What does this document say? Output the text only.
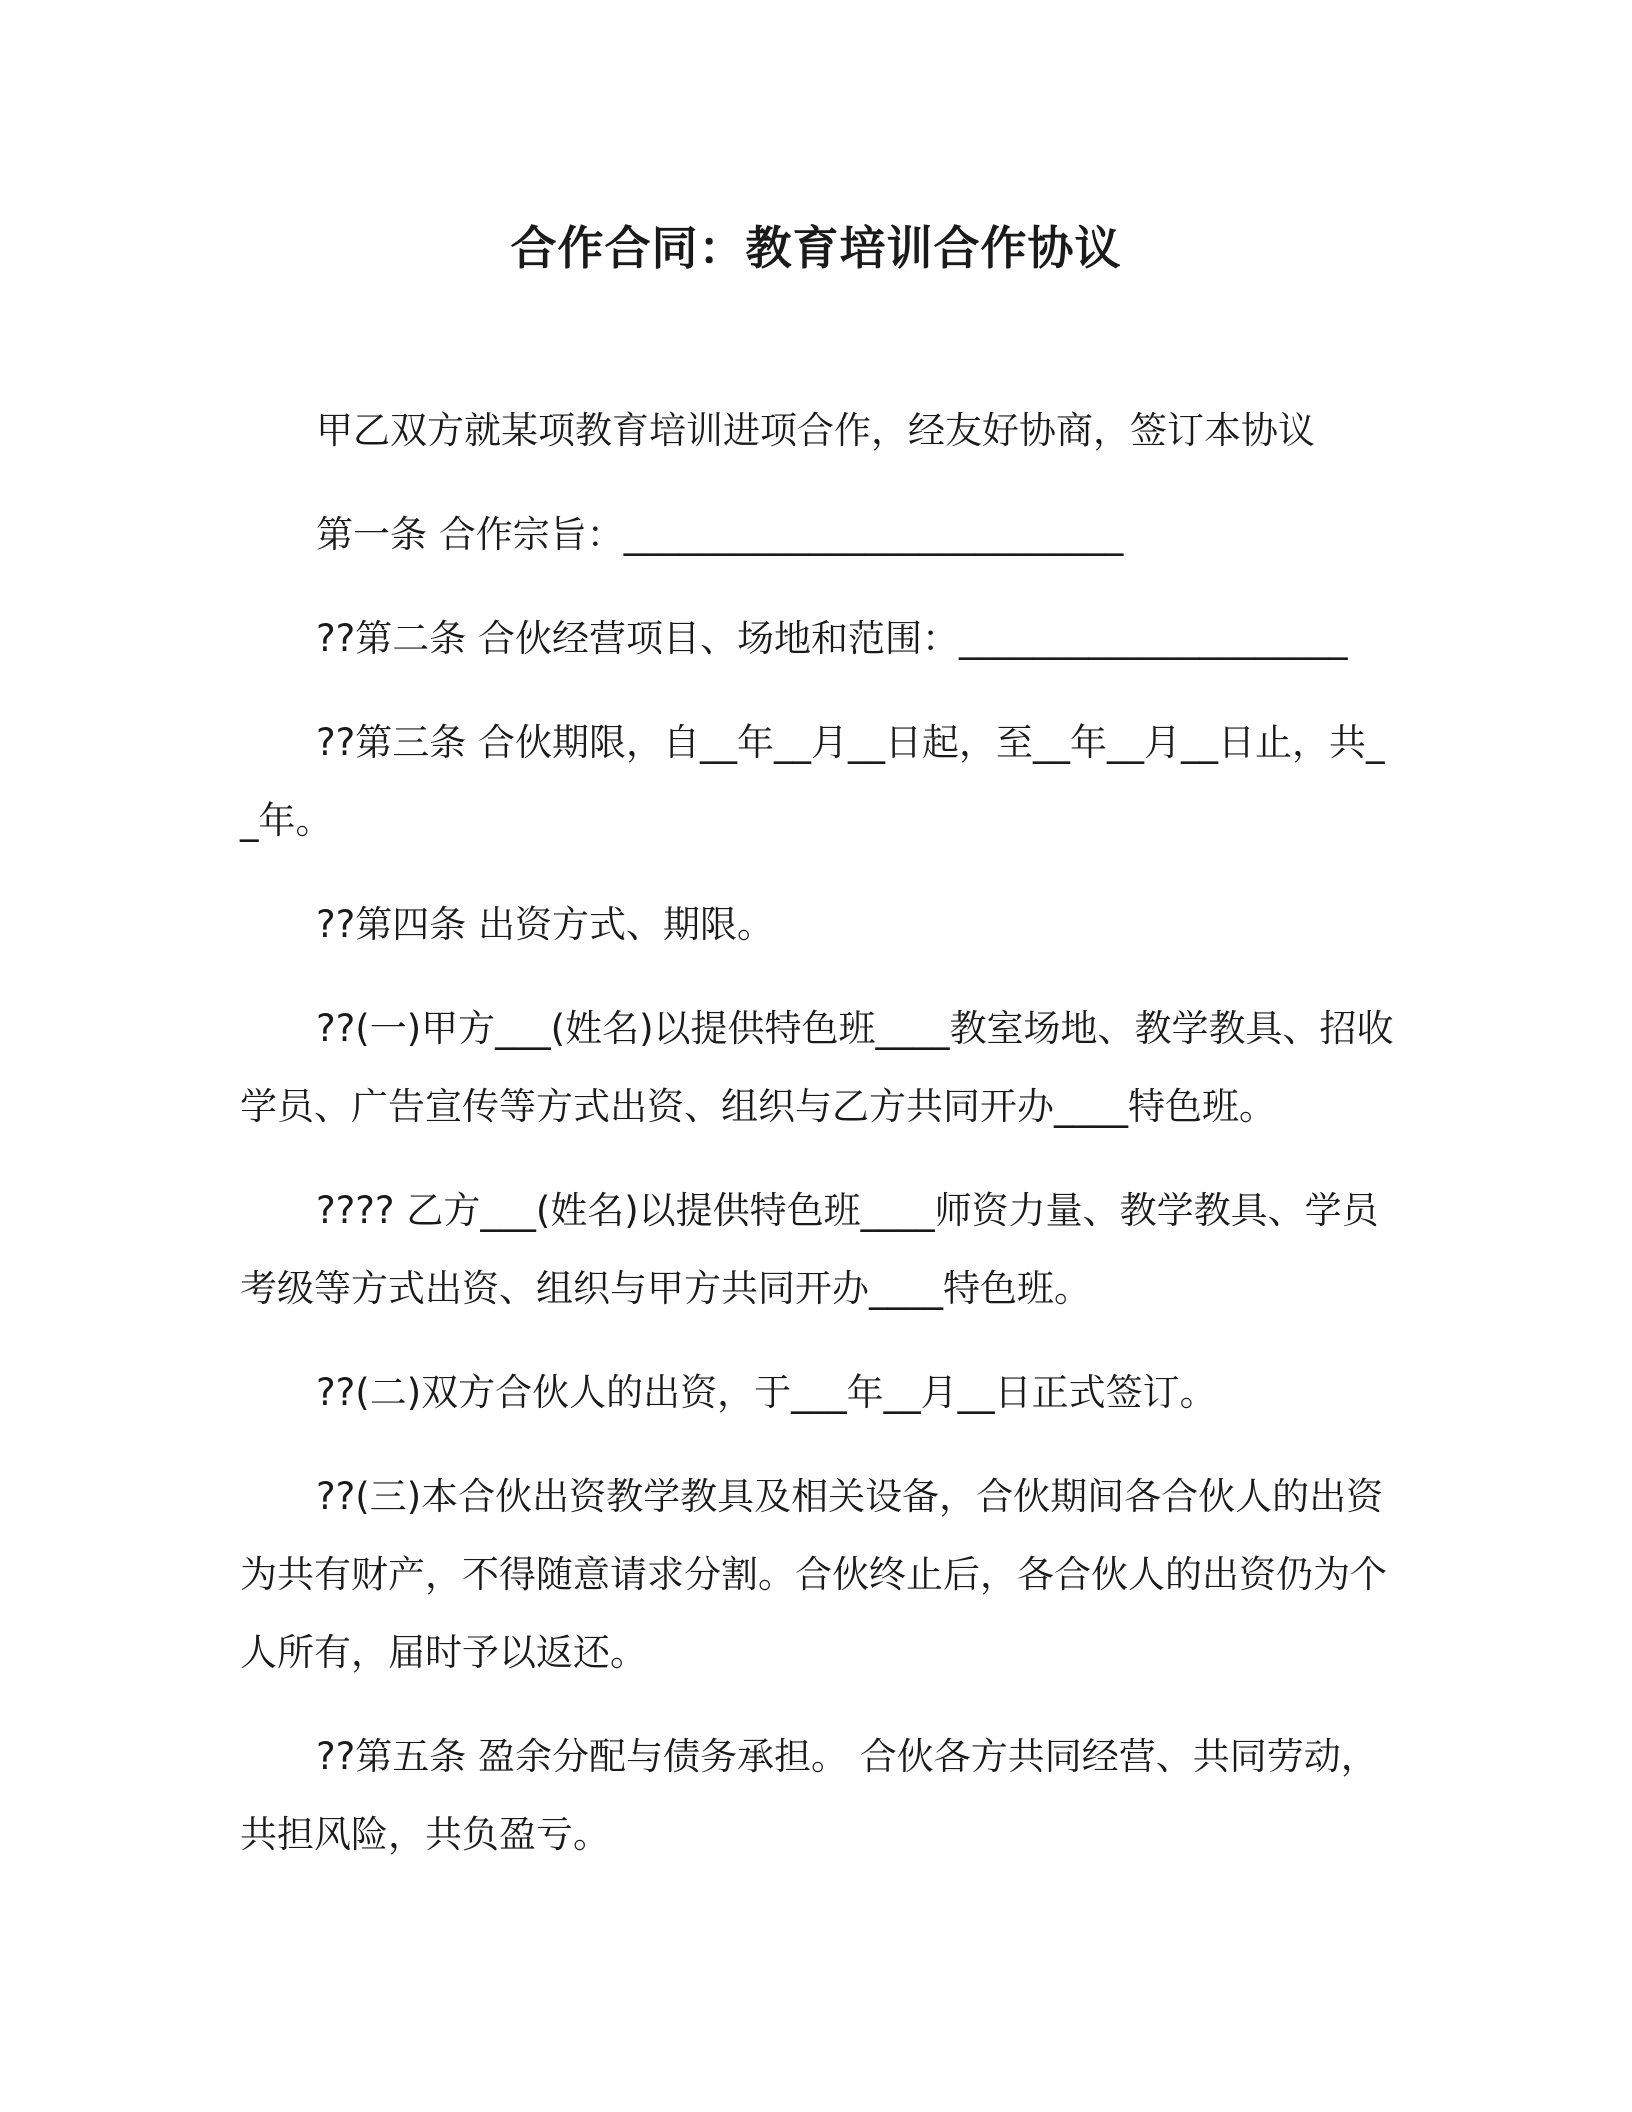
合作合同：教育培训合作协议

甲乙双方就某项教育培训进项合作，经友好协商，签订本协议

第一条 合作宗旨：___________________________

??第二条 合伙经营项目、场地和范围：_____________________

??第三条 合伙期限，自__年__月__日起，至__年__月__日止，共__年。

??第四条 出资方式、期限。

??(一)甲方___(姓名)以提供特色班____教室场地、教学教具、招收学员、广告宣传等方式出资、组织与乙方共同开办____特色班。

???? 乙方___(姓名)以提供特色班____师资力量、教学教具、学员考级等方式出资、组织与甲方共同开办____特色班。

??(二)双方合伙人的出资，于___年__月__日正式签订。

??(三)本合伙出资教学教具及相关设备，合伙期间各合伙人的出资为共有财产，不得随意请求分割。合伙终止后，各合伙人的出资仍为个人所有，届时予以返还。

??第五条 盈余分配与债务承担。 合伙各方共同经营、共同劳动，共担风险，共负盈亏。
